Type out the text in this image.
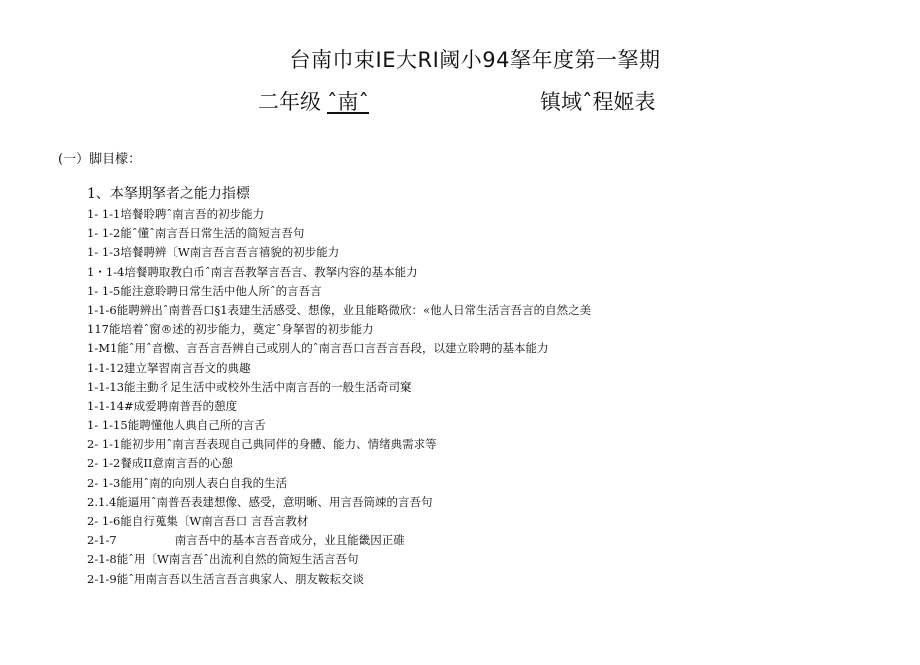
台南巾束IE大RI阈小94拏年度第一拏期
二年级 ˆ南ˆ	镇域ˆ程姬表
(一）脚目檬：
1、本拏期拏者之能力指標
1- 1-1培餐聆聘ˆ南言吾的初步能力
1- 1-2能ˆ懂ˆ南言吾日常生活的简短言吾句
1- 1-3培餐聘辨〔W南言吾言吾言禧貌的初步能力
1・1-4培餐聘取教白币ˆ南言吾教拏言吾言、教拏内容的基本能力
1- 1-5能注意聆聘日常生活中他人所ˆ的言吾言
1-1-6能聘辨出ˆ南普吾口§1表建生活感受、想像，业且能略微欣：«他人日常生活言吾言的自然之美
117能培着ˆ窗®述的初步能力，奠定ˆ身拏習的初步能力
1-M1能ˆ用ˆ音檄、言吾言吾辨自己或別人的ˆ南言吾口言吾言吾段，以建立聆聘的基本能力
1-1-12建立拏習南言吾文的典趣
1-1-13能主動彳足生活中或校外生活中南言吾的一般生活奇司窠
1-1-14#成爱聘南普吾的憩度
1- 1-15能聘懂他人典自己所的言舌
2- 1-1能初步用ˆ南言吾表现自己典同伴的身體、能力、情绪典需求等
2- 1-2餐成II意南言吾的心憩
2- 1-3能用ˆ南的向別人表白自我的生活
2.1.4能逼用ˆ南普吾表建想像、感受，意明晰、用言吾筒竦的言吾句
2- 1-6能自行蒐集〔W南言吾口 言吾言教材
2-1-7	南言吾中的基本言吾音成分，业且能畿因正碓
2-1-8能ˆ用〔W南言吾ˆ出流利自然的筒短生活言吾句
2-1-9能ˆ用南言吾以生活言吾言典家人、朋友鞍耘交谈
